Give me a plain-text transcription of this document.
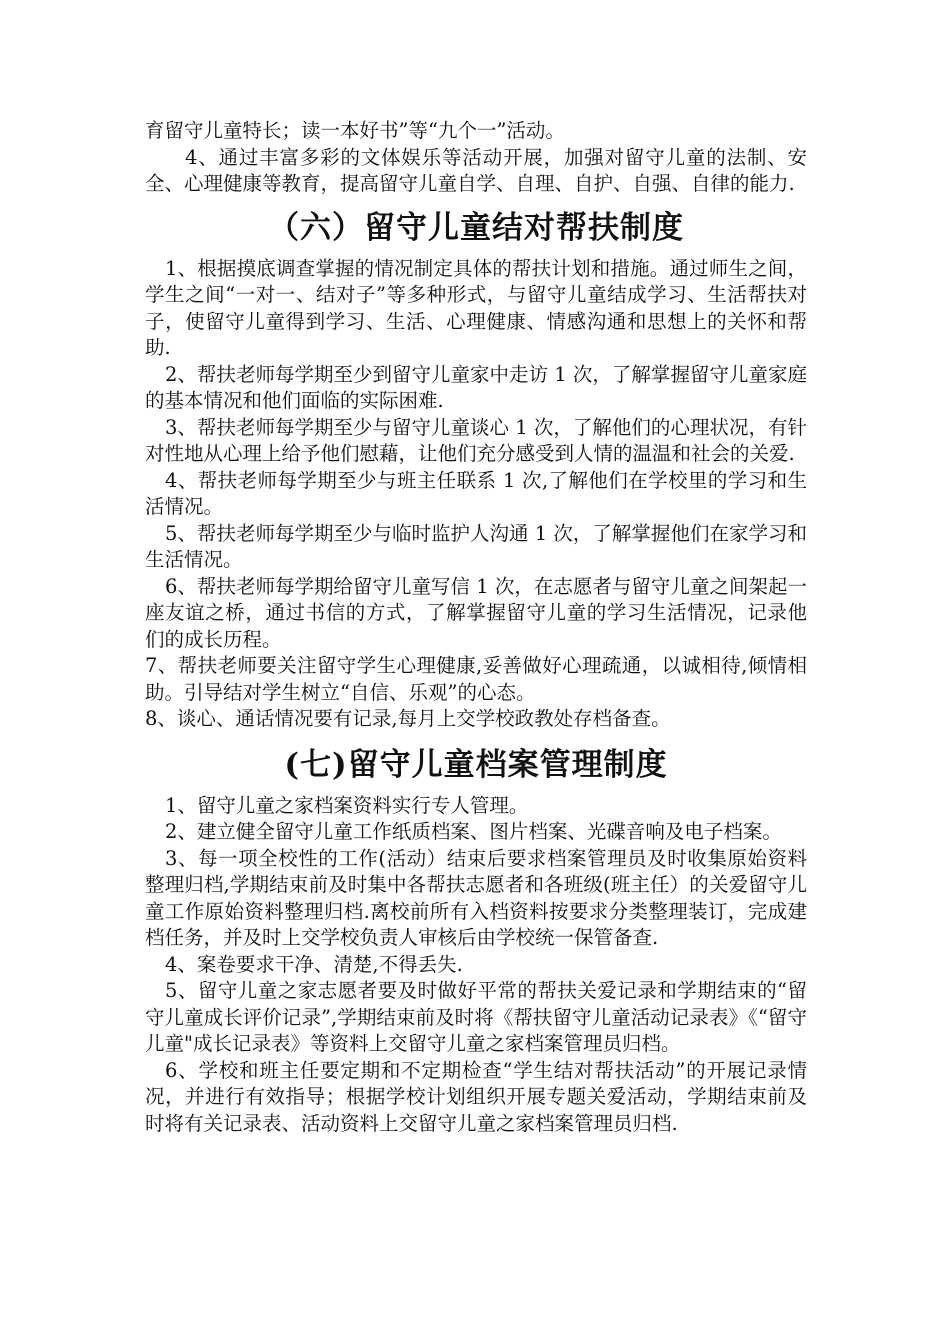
育留守儿童特长；读一本好书”等“九个一”活动。

4、通过丰富多彩的文体娱乐等活动开展，加强对留守儿童的法制、安全、心理健康等教育，提高留守儿童自学、自理、自护、自强、自律的能力.

（六）留守儿童结对帮扶制度

1、根据摸底调查掌握的情况制定具体的帮扶计划和措施。通过师生之间，学生之间“一对一、结对子”等多种形式，与留守儿童结成学习、生活帮扶对子，使留守儿童得到学习、生活、心理健康、情感沟通和思想上的关怀和帮助.

2、帮扶老师每学期至少到留守儿童家中走访 1 次，了解掌握留守儿童家庭的基本情况和他们面临的实际困难.

3、帮扶老师每学期至少与留守儿童谈心 1 次，了解他们的心理状况，有针对性地从心理上给予他们慰藉，让他们充分感受到人情的温温和社会的关爱.

4、帮扶老师每学期至少与班主任联系 1 次,了解他们在学校里的学习和生活情况。

5、帮扶老师每学期至少与临时监护人沟通 1 次，了解掌握他们在家学习和生活情况。

6、帮扶老师每学期给留守儿童写信 1 次，在志愿者与留守儿童之间架起一座友谊之桥，通过书信的方式，了解掌握留守儿童的学习生活情况，记录他们的成长历程。

7、帮扶老师要关注留守学生心理健康,妥善做好心理疏通，以诚相待,倾情相助。引导结对学生树立“自信、乐观”的心态。

8、谈心、通话情况要有记录,每月上交学校政教处存档备查。

(七)留守儿童档案管理制度

1、留守儿童之家档案资料实行专人管理。

2、建立健全留守儿童工作纸质档案、图片档案、光碟音响及电子档案。

3、每一项全校性的工作(活动）结束后要求档案管理员及时收集原始资料整理归档,学期结束前及时集中各帮扶志愿者和各班级(班主任）的关爱留守儿童工作原始资料整理归档.离校前所有入档资料按要求分类整理装订，完成建档任务，并及时上交学校负责人审核后由学校统一保管备查.

4、案卷要求干净、清楚,不得丢失.

5、留守儿童之家志愿者要及时做好平常的帮扶关爱记录和学期结束的“留守儿童成长评价记录”,学期结束前及时将《帮扶留守儿童活动记录表》《“留守儿童"成长记录表》等资料上交留守儿童之家档案管理员归档。

6、学校和班主任要定期和不定期检查“学生结对帮扶活动”的开展记录情况，并进行有效指导；根据学校计划组织开展专题关爱活动，学期结束前及时将有关记录表、活动资料上交留守儿童之家档案管理员归档.
